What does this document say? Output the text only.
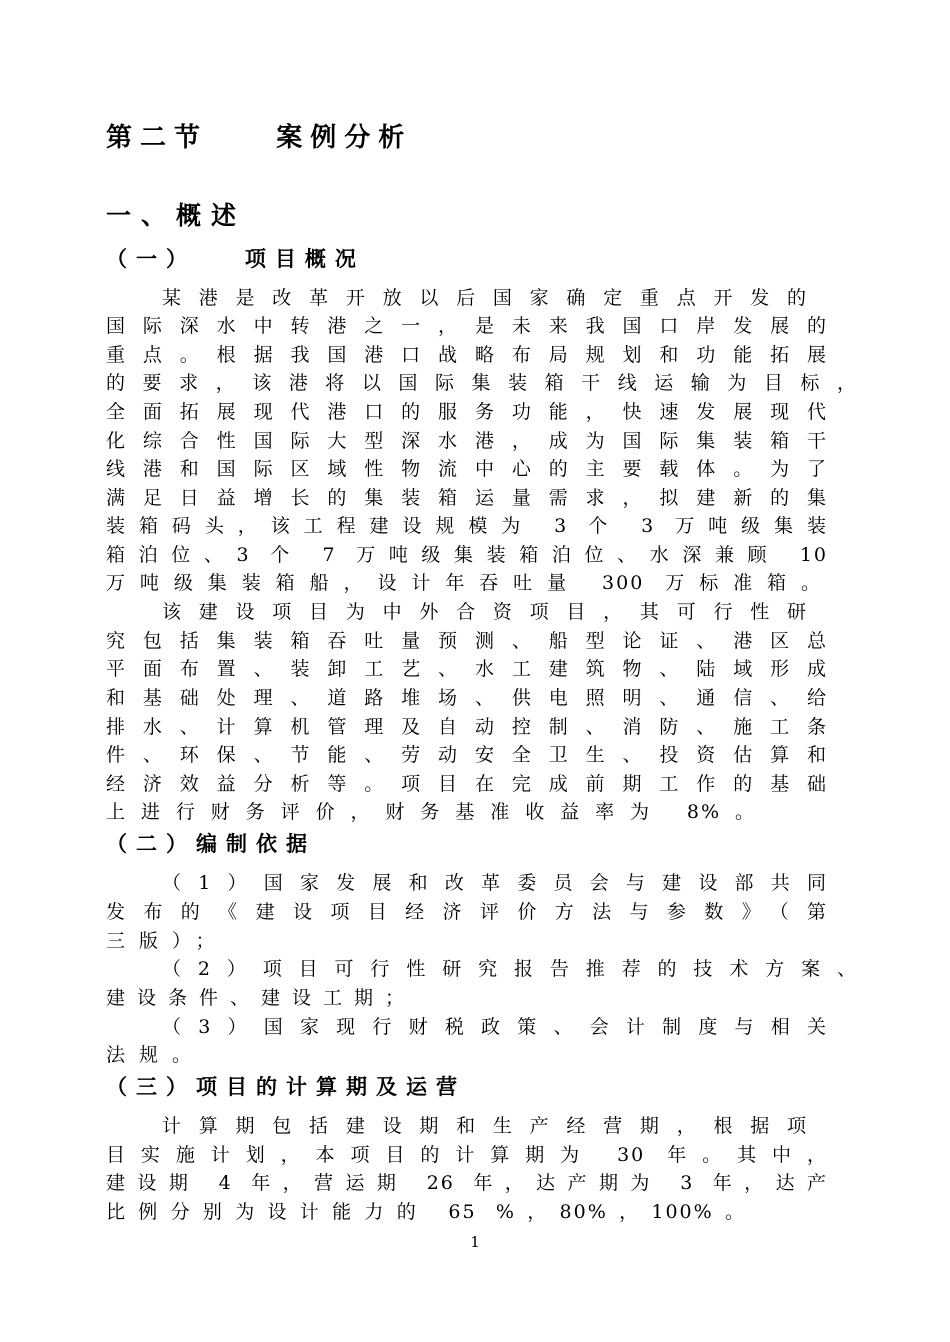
第二节    案例分析
一、概述
（一）   项目概况
某港是改革开放以后国家确定重点开发的
国际深水中转港之一，是未来我国口岸发展的
重点。根据我国港口战略布局规划和功能拓展
的要求，该港将以国际集装箱干线运输为目标，
全面拓展现代港口的服务功能，快速发展现代
化综合性国际大型深水港，成为国际集装箱干
线港和国际区域性物流中心的主要载体。为了
满足日益增长的集装箱运量需求，拟建新的集
装箱码头，该工程建设规模为 3 个 3 万吨级集装
箱泊位、3 个 7 万吨级集装箱泊位、水深兼顾 10
万吨级集装箱船，设计年吞吐量 300 万标准箱。
该建设项目为中外合资项目，其可行性研
究包括集装箱吞吐量预测、船型论证、港区总
平面布置、装卸工艺、水工建筑物、陆域形成
和基础处理、道路堆场、供电照明、通信、给
排水、计算机管理及自动控制、消防、施工条
件、环保、节能、劳动安全卫生、投资估算和
经济效益分析等。项目在完成前期工作的基础
上进行财务评价，财务基准收益率为 8%。
（二）编制依据
（1）国家发展和改革委员会与建设部共同
发布的《建设项目经济评价方法与参数》（第
三版）；
（2）项目可行性研究报告推荐的技术方案、
建设条件、建设工期；
（3）国家现行财税政策、会计制度与相关
法规。
（三）项目的计算期及运营
计算期包括建设期和生产经营期，根据项
目实施计划，本项目的计算期为 30 年。其中，
建设期 4 年，营运期 26 年，达产期为 3 年，达产
比例分别为设计能力的 65 %，80%，100%。
1
